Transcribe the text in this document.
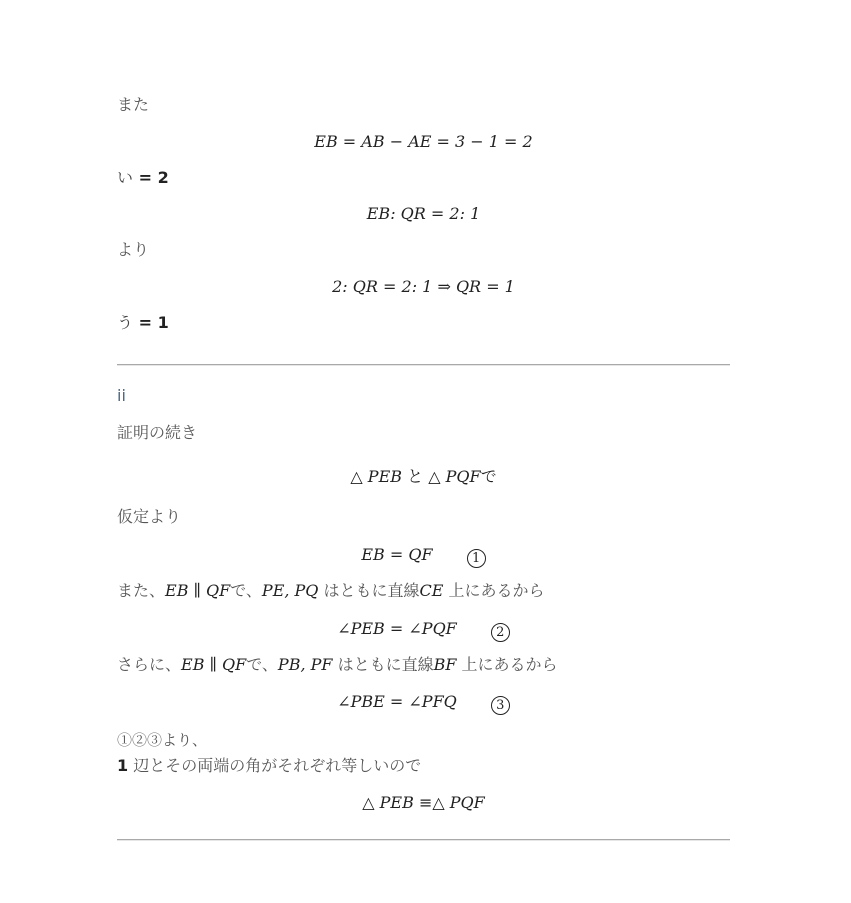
また
EB = AB − AE = 3 − 1 = 2
い = 2
EB: QR = 2: 1
より
2: QR = 2: 1 ⇒ QR = 1
う = 1
ii
証明の続き
△ PEB と △ PQFで
仮定より
EB = QF	1
また、EB ∥ QFで、PE, PQ はともに直線CE 上にあるから
∠PEB = ∠PQF	2
さらに、EB ∥ QFで、PB, PF はともに直線BF 上にあるから
∠PBE = ∠PFQ	3
①②③より、
1 辺とその両端の角がそれぞれ等しいので
△ PEB ≡△ PQF
